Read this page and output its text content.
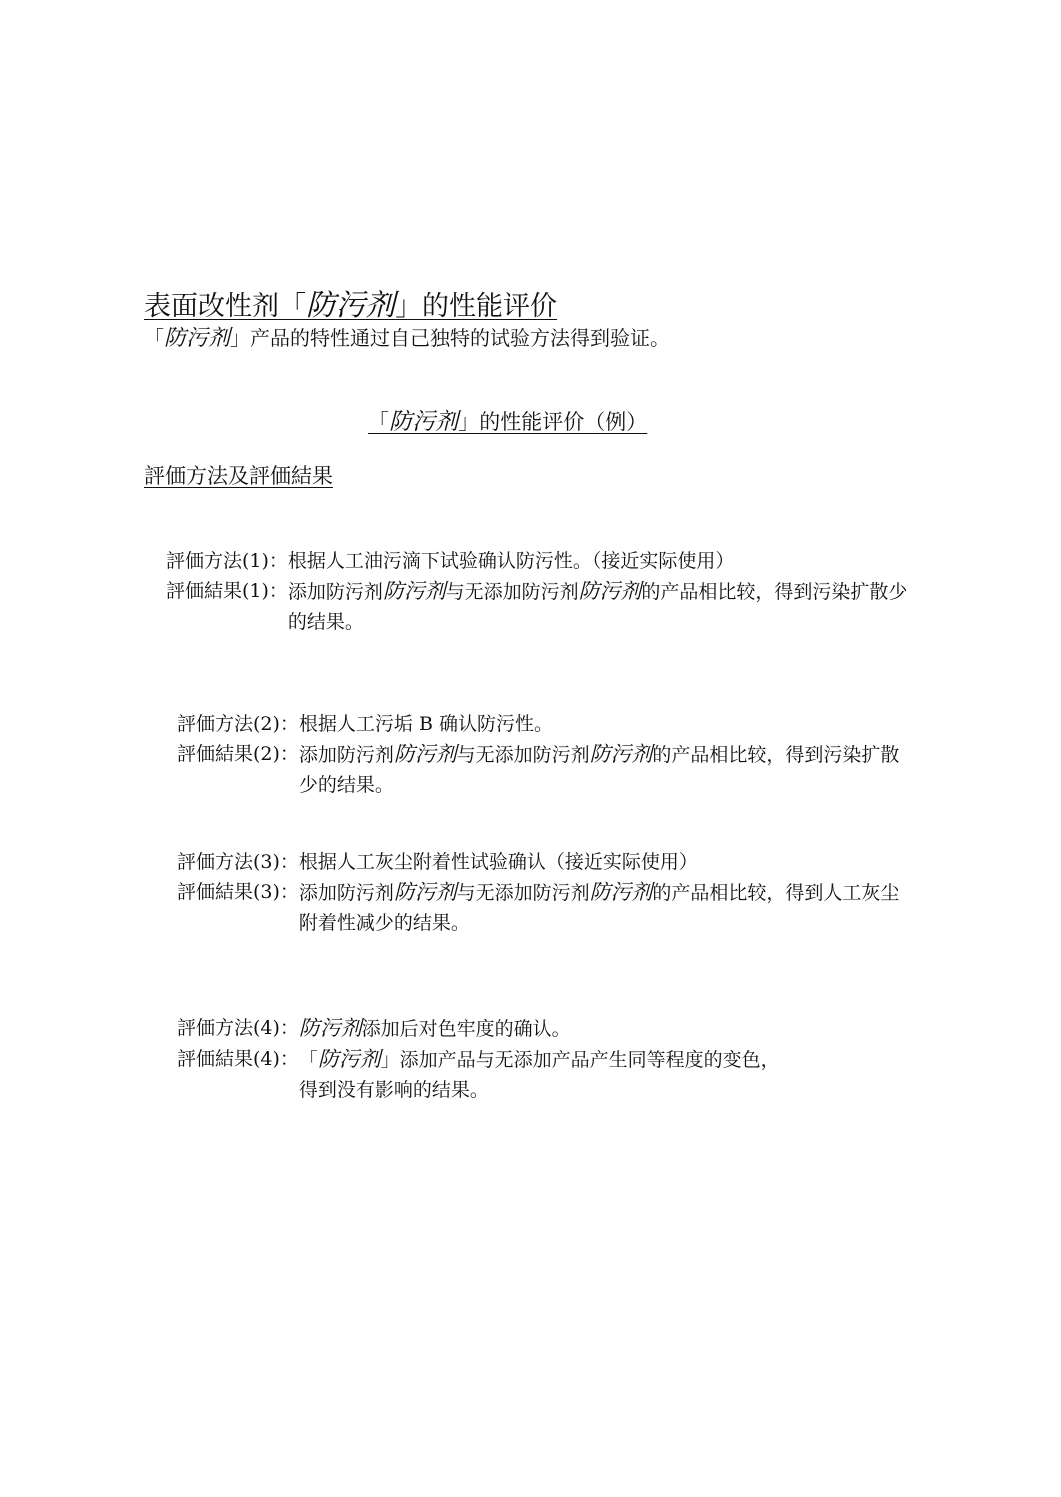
表面改性剂「防污剂」的性能评价
「防污剂」产品的特性通过自己独特的试验方法得到验证。
「防污剂」的性能评价（例）
評価方法及評価結果
評価方法(1)： 根据人工油污滴下试验确认防污性。（接近实际使用）
評価結果(1)： 添加防污剂防污剂与无添加防污剂防污剂的产品相比较，得到污染扩散少的结果。
評価方法(2)： 根据人工污垢 B 确认防污性。
評価結果(2)： 添加防污剂防污剂与无添加防污剂防污剂的产品相比较，得到污染扩散少的结果。
評価方法(3)： 根据人工灰尘附着性试验确认（接近实际使用）
評価結果(3)： 添加防污剂防污剂与无添加防污剂防污剂的产品相比较，得到人工灰尘附着性减少的结果。
評価方法(4)： 防污剂添加后对色牢度的确认。
評価結果(4)： 「防污剂」添加产品与无添加产品产生同等程度的变色，
得到没有影响的结果。
